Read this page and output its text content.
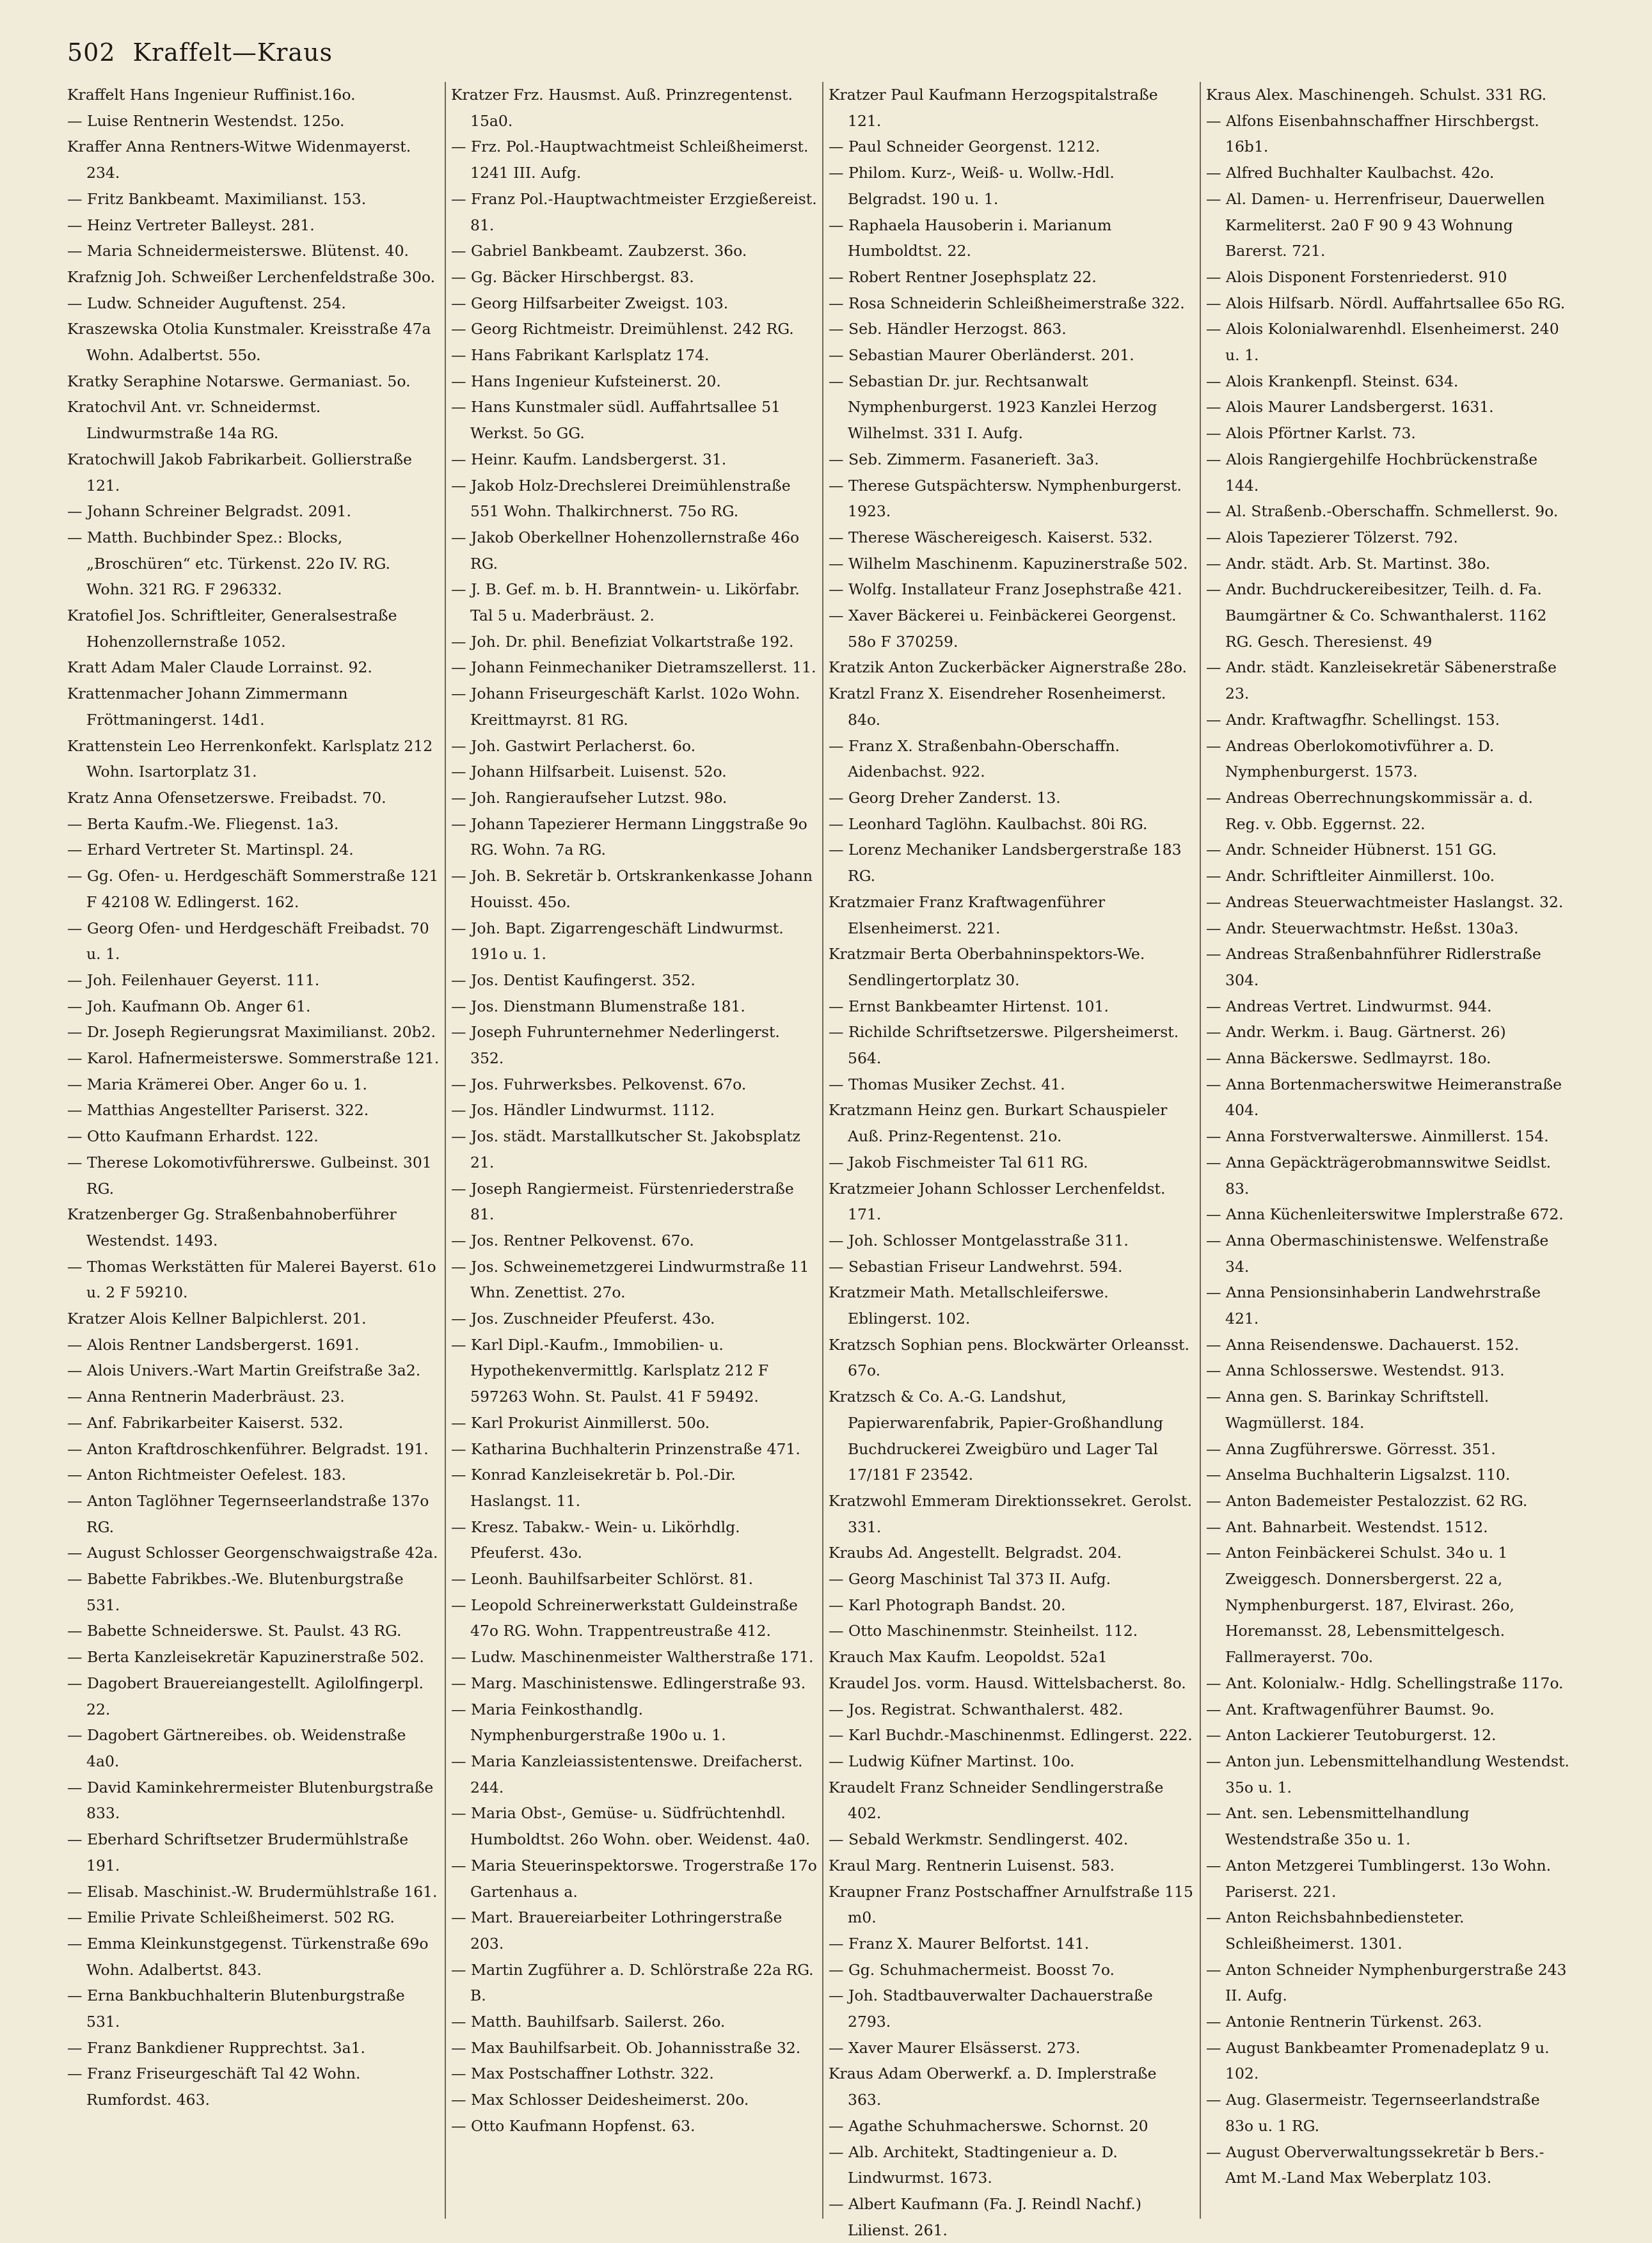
502 Kraffelt—Kraus

Kraffelt Hans Ingenieur Ruffinist.16o.

— Luise Rentnerin Westendst. 125o.

Kraffer Anna Rentners-Witwe Widenmayerst. 234.

— Fritz Bankbeamt. Maximilianst. 153.

— Heinz Vertreter Balleyst. 281.

— Maria Schneidermeisterswe. Blütenst. 40.

Krafznig Joh. Schweißer Lerchenfeldstraße 30o.

— Ludw. Schneider Auguftenst. 254.

Kraszewska Otolia Kunstmaler. Kreisstraße 47a Wohn. Adalbertst. 55o.

Kratky Seraphine Notarswe. Germaniast. 5o.

Kratochvil Ant. vr. Schneidermst. Lindwurmstraße 14a RG.

Kratochwill Jakob Fabrikarbeit. Gollierstraße 121.

— Johann Schreiner Belgradst. 2091.

— Matth. Buchbinder Spez.: Blocks, „Broschüren“ etc. Türkenst. 22o IV. RG. Wohn. 321 RG. F 296332.

Kratofiel Jos. Schriftleiter, Generalsestraße Hohenzollernstraße 1052.

Kratt Adam Maler Claude Lorrainst. 92.

Krattenmacher Johann Zimmermann Fröttmaningerst. 14d1.

Krattenstein Leo Herrenkonfekt. Karlsplatz 212 Wohn. Isartorplatz 31.

Kratz Anna Ofensetzerswe. Freibadst. 70.

— Berta Kaufm.-We. Fliegenst. 1a3.

— Erhard Vertreter St. Martinspl. 24.

— Gg. Ofen- u. Herdgeschäft Sommerstraße 121 F 42108 W. Edlingerst. 162.

— Georg Ofen- und Herdgeschäft Freibadst. 70 u. 1.

— Joh. Feilenhauer Geyerst. 111.

— Joh. Kaufmann Ob. Anger 61.

— Dr. Joseph Regierungsrat Maximilianst. 20b2.

— Karol. Hafnermeisterswe. Sommerstraße 121.

— Maria Krämerei Ober. Anger 6o u. 1.

— Matthias Angestellter Pariserst. 322.

— Otto Kaufmann Erhardst. 122.

— Therese Lokomotivführerswe. Gulbeinst. 301 RG.

Kratzenberger Gg. Straßenbahnoberführer Westendst. 1493.

— Thomas Werkstätten für Malerei Bayerst. 61o u. 2 F 59210.

Kratzer Alois Kellner Balpichlerst. 201.

— Alois Rentner Landsbergerst. 1691.

— Alois Univers.-Wart Martin Greifstraße 3a2.

— Anna Rentnerin Maderbräust. 23.

— Anf. Fabrikarbeiter Kaiserst. 532.

— Anton Kraftdroschkenführer. Belgradst. 191.

— Anton Richtmeister Oefelest. 183.

— Anton Taglöhner Tegernseerlandstraße 137o RG.

— August Schlosser Georgenschwaigstraße 42a.

— Babette Fabrikbes.-We. Blutenburgstraße 531.

— Babette Schneiderswe. St. Paulst. 43 RG.

— Berta Kanzleisekretär Kapuzinerstraße 502.

— Dagobert Brauereiangestellt. Agilolfingerpl. 22.

— Dagobert Gärtnereibes. ob. Weidenstraße 4a0.

— David Kaminkehrermeister Blutenburgstraße 833.

— Eberhard Schriftsetzer Brudermühlstraße 191.

— Elisab. Maschinist.-W. Brudermühlstraße 161.

— Emilie Private Schleißheimerst. 502 RG.

— Emma Kleinkunstgegenst. Türkenstraße 69o Wohn. Adalbertst. 843.

— Erna Bankbuchhalterin Blutenburgstraße 531.

— Franz Bankdiener Rupprechtst. 3a1.

— Franz Friseurgeschäft Tal 42 Wohn. Rumfordst. 463.

Kratzer Frz. Hausmst. Auß. Prinzregentenst. 15a0.

— Frz. Pol.-Hauptwachtmeist Schleißheimerst. 1241 III. Aufg.

— Franz Pol.-Hauptwachtmeister Erzgießereist. 81.

— Gabriel Bankbeamt. Zaubzerst. 36o.

— Gg. Bäcker Hirschbergst. 83.

— Georg Hilfsarbeiter Zweigst. 103.

— Georg Richtmeistr. Dreimühlenst. 242 RG.

— Hans Fabrikant Karlsplatz 174.

— Hans Ingenieur Kufsteinerst. 20.

— Hans Kunstmaler südl. Auffahrtsallee 51 Werkst. 5o GG.

— Heinr. Kaufm. Landsbergerst. 31.

— Jakob Holz-Drechslerei Dreimühlenstraße 551 Wohn. Thalkirchnerst. 75o RG.

— Jakob Oberkellner Hohenzollernstraße 46o RG.

— J. B. Gef. m. b. H. Branntwein- u. Likörfabr. Tal 5 u. Maderbräust. 2.

— Joh. Dr. phil. Benefiziat Volkartstraße 192.

— Johann Feinmechaniker Dietramszellerst. 11.

— Johann Friseurgeschäft Karlst. 102o Wohn. Kreittmayrst. 81 RG.

— Joh. Gastwirt Perlacherst. 6o.

— Johann Hilfsarbeit. Luisenst. 52o.

— Joh. Rangieraufseher Lutzst. 98o.

— Johann Tapezierer Hermann Linggstraße 9o RG. Wohn. 7a RG.

— Joh. B. Sekretär b. Ortskrankenkasse Johann Houisst. 45o.

— Joh. Bapt. Zigarrengeschäft Lindwurmst. 191o u. 1.

— Jos. Dentist Kaufingerst. 352.

— Jos. Dienstmann Blumenstraße 181.

— Joseph Fuhrunternehmer Nederlingerst. 352.

— Jos. Fuhrwerksbes. Pelkovenst. 67o.

— Jos. Händler Lindwurmst. 1112.

— Jos. städt. Marstallkutscher St. Jakobsplatz 21.

— Joseph Rangiermeist. Fürstenriederstraße 81.

— Jos. Rentner Pelkovenst. 67o.

— Jos. Schweinemetzgerei Lindwurmstraße 11 Whn. Zenettist. 27o.

— Jos. Zuschneider Pfeuferst. 43o.

— Karl Dipl.-Kaufm., Immobilien- u. Hypothekenvermittlg. Karlsplatz 212 F 597263 Wohn. St. Paulst. 41 F 59492.

— Karl Prokurist Ainmillerst. 50o.

— Katharina Buchhalterin Prinzenstraße 471.

— Konrad Kanzleisekretär b. Pol.-Dir. Haslangst. 11.

— Kresz. Tabakw.- Wein- u. Likörhdlg. Pfeuferst. 43o.

— Leonh. Bauhilfsarbeiter Schlörst. 81.

— Leopold Schreinerwerkstatt Guldeinstraße 47o RG. Wohn. Trappentreustraße 412.

— Ludw. Maschinenmeister Waltherstraße 171.

— Marg. Maschinistenswe. Edlingerstraße 93.

— Maria Feinkosthandlg. Nymphenburgerstraße 190o u. 1.

— Maria Kanzleiassistentenswe. Dreifacherst. 244.

— Maria Obst-, Gemüse- u. Südfrüchtenhdl. Humboldtst. 26o Wohn. ober. Weidenst. 4a0.

— Maria Steuerinspektorswe. Trogerstraße 17o Gartenhaus a.

— Mart. Brauereiarbeiter Lothringerstraße 203.

— Martin Zugführer a. D. Schlörstraße 22a RG. B.

— Matth. Bauhilfsarb. Sailerst. 26o.

— Max Bauhilfsarbeit. Ob. Johannisstraße 32.

— Max Postschaffner Lothstr. 322.

— Max Schlosser Deidesheimerst. 20o.

— Otto Kaufmann Hopfenst. 63.

Kratzer Paul Kaufmann Herzogspitalstraße 121.

— Paul Schneider Georgenst. 1212.

— Philom. Kurz-, Weiß- u. Wollw.-Hdl. Belgradst. 190 u. 1.

— Raphaela Hausoberin i. Marianum Humboldtst. 22.

— Robert Rentner Josephsplatz 22.

— Rosa Schneiderin Schleißheimerstraße 322.

— Seb. Händler Herzogst. 863.

— Sebastian Maurer Oberländerst. 201.

— Sebastian Dr. jur. Rechtsanwalt Nymphenburgerst. 1923 Kanzlei Herzog Wilhelmst. 331 I. Aufg.

— Seb. Zimmerm. Fasanerieft. 3a3.

— Therese Gutspächtersw. Nymphenburgerst. 1923.

— Therese Wäschereigesch. Kaiserst. 532.

— Wilhelm Maschinenm. Kapuzinerstraße 502.

— Wolfg. Installateur Franz Josephstraße 421.

— Xaver Bäckerei u. Feinbäckerei Georgenst. 58o F 370259.

Kratzik Anton Zuckerbäcker Aignerstraße 28o.

Kratzl Franz X. Eisendreher Rosenheimerst. 84o.

— Franz X. Straßenbahn-Oberschaffn. Aidenbachst. 922.

— Georg Dreher Zanderst. 13.

— Leonhard Taglöhn. Kaulbachst. 80i RG.

— Lorenz Mechaniker Landsbergerstraße 183 RG.

Kratzmaier Franz Kraftwagenführer Elsenheimerst. 221.

Kratzmair Berta Oberbahninspektors-We. Sendlingertorplatz 30.

— Ernst Bankbeamter Hirtenst. 101.

— Richilde Schriftsetzerswe. Pilgersheimerst. 564.

— Thomas Musiker Zechst. 41.

Kratzmann Heinz gen. Burkart Schauspieler Auß. Prinz-Regentenst. 21o.

— Jakob Fischmeister Tal 611 RG.

Kratzmeier Johann Schlosser Lerchenfeldst. 171.

— Joh. Schlosser Montgelasstraße 311.

— Sebastian Friseur Landwehrst. 594.

Kratzmeir Math. Metallschleiferswe. Eblingerst. 102.

Kratzsch Sophian pens. Blockwärter Orleansst. 67o.

Kratzsch & Co. A.-G. Landshut, Papierwarenfabrik, Papier-Großhandlung Buchdruckerei Zweigbüro und Lager Tal 17/181 F 23542.

Kratzwohl Emmeram Direktionssekret. Gerolst. 331.

Kraubs Ad. Angestellt. Belgradst. 204.

— Georg Maschinist Tal 373 II. Aufg.

— Karl Photograph Bandst. 20.

— Otto Maschinenmstr. Steinheilst. 112.

Krauch Max Kaufm. Leopoldst. 52a1

Kraudel Jos. vorm. Hausd. Wittelsbacherst. 8o.

— Jos. Registrat. Schwanthalerst. 482.

— Karl Buchdr.-Maschinenmst. Edlingerst. 222.

— Ludwig Küfner Martinst. 10o.

Kraudelt Franz Schneider Sendlingerstraße 402.

— Sebald Werkmstr. Sendlingerst. 402.

Kraul Marg. Rentnerin Luisenst. 583.

Kraupner Franz Postschaffner Arnulfstraße 115 m0.

— Franz X. Maurer Belfortst. 141.

— Gg. Schuhmachermeist. Boosst 7o.

— Joh. Stadtbauverwalter Dachauerstraße 2793.

— Xaver Maurer Elsässerst. 273.

Kraus Adam Oberwerkf. a. D. Implerstraße 363.

— Agathe Schuhmacherswe. Schornst. 20

— Alb. Architekt, Stadtingenieur a. D. Lindwurmst. 1673.

— Albert Kaufmann (Fa. J. Reindl Nachf.) Lilienst. 261.

Kraus Alex. Maschinengeh. Schulst. 331 RG.

— Alfons Eisenbahnschaffner Hirschbergst. 16b1.

— Alfred Buchhalter Kaulbachst. 42o.

— Al. Damen- u. Herrenfriseur, Dauerwellen Karmeliterst. 2a0 F 90 9 43 Wohnung Barerst. 721.

— Alois Disponent Forstenriederst. 910

— Alois Hilfsarb. Nördl. Auffahrtsallee 65o RG.

— Alois Kolonialwarenhdl. Elsenheimerst. 240 u. 1.

— Alois Krankenpfl. Steinst. 634.

— Alois Maurer Landsbergerst. 1631.

— Alois Pförtner Karlst. 73.

— Alois Rangiergehilfe Hochbrückenstraße 144.

— Al. Straßenb.-Oberschaffn. Schmellerst. 9o.

— Alois Tapezierer Tölzerst. 792.

— Andr. städt. Arb. St. Martinst. 38o.

— Andr. Buchdruckereibesitzer, Teilh. d. Fa. Baumgärtner & Co. Schwanthalerst. 1162 RG. Gesch. Theresienst. 49

— Andr. städt. Kanzleisekretär Säbenerstraße 23.

— Andr. Kraftwagfhr. Schellingst. 153.

— Andreas Oberlokomotivführer a. D. Nymphenburgerst. 1573.

— Andreas Oberrechnungskommissär a. d. Reg. v. Obb. Eggernst. 22.

— Andr. Schneider Hübnerst. 151 GG.

— Andr. Schriftleiter Ainmillerst. 10o.

— Andreas Steuerwachtmeister Haslangst. 32.

— Andr. Steuerwachtmstr. Heßst. 130a3.

— Andreas Straßenbahnführer Ridlerstraße 304.

— Andreas Vertret. Lindwurmst. 944.

— Andr. Werkm. i. Baug. Gärtnerst. 26)

— Anna Bäckerswe. Sedlmayrst. 18o.

— Anna Bortenmacherswitwe Heimeranstraße 404.

— Anna Forstverwalterswe. Ainmillerst. 154.

— Anna Gepäckträgerobmannswitwe Seidlst. 83.

— Anna Küchenleiterswitwe Implerstraße 672.

— Anna Obermaschinistenswe. Welfenstraße 34.

— Anna Pensionsinhaberin Landwehrstraße 421.

— Anna Reisendenswe. Dachauerst. 152.

— Anna Schlosserswe. Westendst. 913.

— Anna gen. S. Barinkay Schriftstell. Wagmüllerst. 184.

— Anna Zugführerswe. Görresst. 351.

— Anselma Buchhalterin Ligsalzst. 110.

— Anton Bademeister Pestalozzist. 62 RG.

— Ant. Bahnarbeit. Westendst. 1512.

— Anton Feinbäckerei Schulst. 34o u. 1 Zweiggesch. Donnersbergerst. 22 a, Nymphenburgerst. 187, Elvirast. 26o, Horemansst. 28, Lebensmittelgesch. Fallmerayerst. 70o.

— Ant. Kolonialw.- Hdlg. Schellingstraße 117o.

— Ant. Kraftwagenführer Baumst. 9o.

— Anton Lackierer Teutoburgerst. 12.

— Anton jun. Lebensmittelhandlung Westendst. 35o u. 1.

— Ant. sen. Lebensmittelhandlung Westendstraße 35o u. 1.

— Anton Metzgerei Tumblingerst. 13o Wohn. Pariserst. 221.

— Anton Reichsbahnbediensteter. Schleißheimerst. 1301.

— Anton Schneider Nymphenburgerstraße 243 II. Aufg.

— Antonie Rentnerin Türkenst. 263.

— August Bankbeamter Promenadeplatz 9 u. 102.

— Aug. Glasermeistr. Tegernseerlandstraße 83o u. 1 RG.

— August Oberverwaltungssekretär b Bers.-Amt M.-Land Max Weberplatz 103.
